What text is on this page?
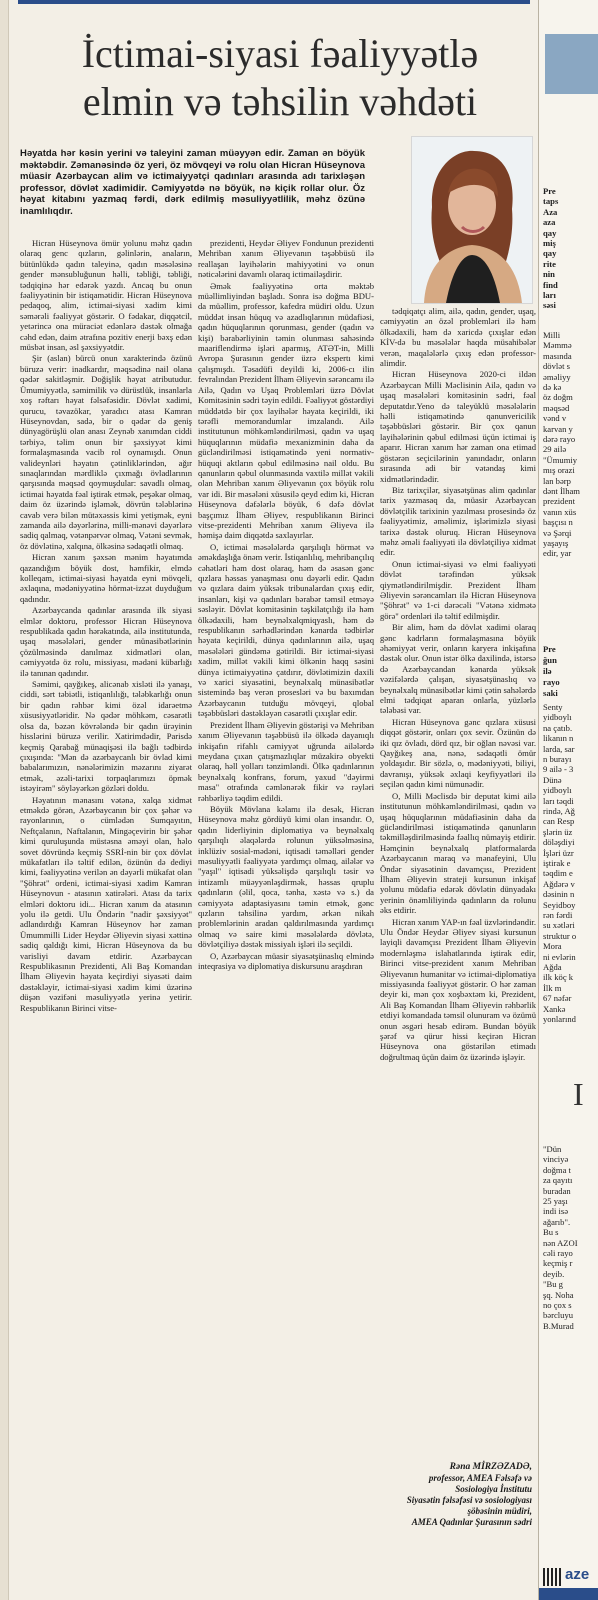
İctimai-siyasi fəaliyyətlə
elmin və təhsilin vəhdəti
Həyatda hər kəsin yerini və taleyini zaman müəyyən edir. Zaman ən böyük məktəbdir. Zəmanəsində öz yeri, öz mövqeyi və rolu olan Hicran Hüseynova müasir Azərbaycan alim və ictimaiyyətçi qadınları arasında adı tarixləşən professor, dövlət xadimidir. Cəmiyyətdə nə böyük, nə kiçik rollar olur. Öz həyat kitabını yazmaq fərdi, dərk edilmiş məsuliyyətlilik, məhz özünə inamlılıqdır.

Hicran Hüseynova ömür yolunu məhz qadın olaraq genc qızların, gəlinlərin, anaların, bütünlükdə qadın taleyinə, qadın məsələsinə gender mənsubluğunun həlli, təbliği, təbliği, tədqiqinə hər edərək yazdı. Ancaq bu onun fəaliyyətinin bir istiqamətidir. Hicran Hüseynova pedaqoq, alim, ictimai-siyasi xadim kimi səmərəli fəaliyyət göstərir. O fədakar, diqqətcil, yetərincə ona müraciət edənlərə dəstək olmağa cəhd edən, daim ətrafına pozitiv enerji bəxş edən müsbət insan, əsl şəxsiyyətdir.

Şir (aslan) bürcü onun xarakterində özünü büruzə verir: inadkardır, məqsədinə nail olana qədər sakitləşmir. Doğişlik həyat atributudur. Ümumiyyətlə, səmimilik və dürüstlük, insanlarla xoş rəftarı həyat fəlsəfəsidir. Dövlət xadimi, qurucu, təvazökar, yaradıcı atası Kamran Hüseynovdan, sadə, bir o qədər də geniş dünyagörüşlü olan anası Zeynəb xanımdan ciddi tərbiyə, təlim onun bir şəxsiyyət kimi formalaşmasında vacib rol oynamışdı. Onun valideynləri həyatın çətinliklərindən, ağır sınaqlarından mərdliklə çıxmağı övladlarının qarşısında məqsəd qoymuşdular: savadlı olmaq, ictimai həyatda fəal iştirak etmək, peşəkar olmaq, daim öz üzərində işləmək, dövrün tələblərinə cavab verə bilən mütəxəssis kimi yetişmək, eyni zamanda ailə dəyərlərinə, milli-mənəvi dəyərlərə sadiq qalmaq, vətənpərvər olmaq, Vətəni sevmək, öz dövlətinə, xalqına, ölkəsinə sədaqətli olmaq.

Hicran xanım şəxsən mənim həyatımda qazandığım böyük dost, həmfikir, elmdə kolleqam, ictimai-siyasi həyatda eyni mövqeli, əxlaqına, mədəniyyətinə hörmət-izzət duyduğum qadındır.

Azərbaycanda qadınlar arasında ilk siyasi elmlər doktoru, professor Hicran Hüseynova respublikada qadın hərəkatında, ailə institutunda, uşaq məsələləri, gender münasibətlərinin çözülməsində danılmaz xidmətləri olan, cəmiyyətdə öz rolu, missiyası, mədəni kübarlığı ilə tanınan qadındır.

Səmimi, qayğıkeş, alicənab xisləti ilə yanaşı, ciddi, sərt təbiətli, istiqanlılığı, tələbkarlığı onun bir qadın rəhbər kimi özəl idarəetmə xüsusiyyətləridir. Nə qədər möhkəm, cəsarətli olsa da, bəzən kövrələndə bir qadın ürəyinin hisslərini büruzə verilir. Xatirimdədir, Parisdə keçmiş Qarabağ münaqişəsi ilə bağlı tədbirdə çıxışında: "Mən də azərbaycanlı bir övlad kimi babalarımızın, nənələrimizin məzarını ziyarət etmək, əzəli-tarixi torpaqlarımızı öpmək istəyirəm" söyləyərkən gözləri doldu.

Həyatının mənasını vətənə, xalqa xidmət etməkdə görən, Azərbaycanın bir çox şəhər və rayonlarının, o cümlədən Sumqayıtın, Neftçalanın, Naftalanın, Mingəçevirin bir şəhər kimi quruluşunda müstəsna əməyi olan, həlo sovet dövründə keçmiş SSRİ-nin bir çox dövlət mükafatları ilə təltif edilən, özünün də dediyi kimi, fəaliyyətinə verilən ən dəyərli mükafat olan "Şöhrət" ordeni, ictimai-siyasi xadim Kamran Hüseynovun - atasının xatirələri. Atası da tarix elmləri doktoru idi... Hicran xanım da atasının yolu ilə getdi. Ulu Öndərin "nadir şəxsiyyət" adlandırdığı Kamran Hüseynov hər zaman Ümummilli Lider Heydər Əliyevin siyasi xəttinə sadiq qaldığı kimi, Hicran Hüseynova da bu varisliyi davam etdirir. Azərbaycan Respublikasının Prezidenti, Ali Baş Komandan İlham Əliyevin həyata keçirdiyi siyasəti daim dəstəkləyir, ictimai-siyasi xadim kimi üzərinə düşən vəzifəni məsuliyyətlə yerinə yetirir. Respublikanın Birinci vitse-

prezidenti, Heydər Əliyev Fondunun prezidenti Mehriban xanım Əliyevanın təşəbbüsü ilə reallaşan layihələrin mahiyyətini və onun nəticələrini davamlı olaraq ictimailəşdirir.

Əmək fəaliyyətinə orta məktəb müəllimliyindən başladı. Sonra isə doğma BDU-da müəllim, professor, kafedra müdiri oldu. Uzun müddət insan hüquq və azadlıqlarının müdafiəsi, qadın hüquqlarının qorunması, gender (qadın və kişi) bərabərliyinin təmin olunması sahəsində maariflendirmə işləri aparmış, ATƏT-in, Milli Avropa Şurasının gender üzrə ekspertı kimi çalışmışdı. Təsadüfi deyildi ki, 2006-cı ilin fevralından Prezident İlham Əliyevin sərəncamı ilə Ailə, Qadın və Uşaq Problemləri üzrə Dövlət Komitəsinin sədri təyin edildi. Fəaliyyət göstərdiyi müddətdə bir çox layihələr həyata keçirildi, iki tərəfli memorandumlar imzalandı. Ailə institutunun möhkəmləndirilməsi, qadın və uşaq hüquqlarının müdafiə mexanizminin daha da gücləndirilməsi istiqamətində yeni normativ-hüquqi aktların qəbul edilməsinə nail oldu. Bu qanunların qəbul olunmasında vaxtilə millət vəkili olan Mehriban xanım Əliyevanın çox böyük rolu var idi. Bir məsələni xüsusilə qeyd edim ki, Hicran Hüseynova dəfələrlə böyük, 6 dəfə dövlət başçımız İlham Əliyev, respublikanın Birinci vitse-prezidenti Mehriban xanım Əliyeva ilə həmişə daim diqqətdə saxlayırlar.

O, ictimai məsələlərdə qarşılıqlı hörmət və əməkdaşlığa önəm verir. İstiqanlılıq, mehribançılıq cəhətləri həm dost olaraq, həm də əsasən gənc qızlara həssas yanaşması onu dəyərli edir. Qadın və qızlara daim yüksək tribunalardan çıxış edir, insanları, kişi və qadınları bərabər təmsil etməyə səsləyir. Dövlət komitəsinin təşkilatçılığı ilə həm ölkədaxili, həm beynəlxalqmiqyaslı, həm də respublikanın sərhədlərindən kənarda tədbirlər həyata keçirildi, dünya qadınlarının ailə, uşaq məsələləri gündəmə gətirildi. Bir ictimai-siyasi xadim, millət vəkili kimi ölkənin haqq səsini dünya ictimaiyyətinə çatdırır, dövlətimizin daxili və xarici siyasətini, beynəlxalq münasibətlər sistemində baş verən prosesləri və bu baxımdan Azərbaycanın tutduğu mövqeyi, qlobal təşəbbüsləri dəstəkləyən cəsarətli çıxışlar edir.

Prezident İlham Əliyevin göstərişi və Mehriban xanım Əliyevanın təşəbbüsü ilə ölkədə dayanıqlı inkişafın rifahlı cəmiyyət uğrunda ailələrdə meydana çıxan çatışmazlıqlar müzakirə obyekti olaraq, həll yolları tənzimləndi. Ölkə qadınlarının beynəlxalq konfrans, forum, yaxud "dəyirmi masa" otrafında cəmlənərək fikir və rəyləri rəhbərliyə təqdim edildi.

Böyük Mövlana kəlamı ilə desək, Hicran Hüseynova məhz gördüyü kimi olan insandır. O, qadın liderliyinin diplomatiya və beynəlxalq qarşılıqlı əlaqələrdə rolunun yüksəlməsinə, inklüziv sosial-mədəni, iqtisadi təməlləri gender məsuliyyətli fəaliyyətə yardımçı olmaq, ailələr və "yaşıl" iqtisadi yüksəlişdə qarşılıqlı təsir və intizamlı müəyyənləşdirmək, həssas qruplu qadınların (əlil, qocа, tənha, xəstə və s.) da cəmiyyətə adaptasiyasını təmin etmək, gənc qızların təhsilinə yardım, ərkən nikah problemlərinin aradan qaldırılmasında yardımçı olmaq və saire kimi məsələlərdə dövlətə, dövlətçiliyə dəstək missiyalı işləri ilə seçildi.

O, Azərbaycan müasir siyasətşünaslıq elmində inteqrasiya və diplomatiya diskursunu araşdıran

tədqiqatçı alim, ailə, qadın, gender, uşaq, cəmiyyətin ən özəl problemləri ilə həm ölkədaxili, həm də xaricdə çıxışlar edən KİV-də bu məsələlər haqda müsahibələr verən, maqalələrlə çıxış edən professor-alimdir.

Hicran Hüseynova 2020-ci ildən Azərbaycan Milli Məclisinin Ailə, qadın və uşaq məsələləri komitəsinin sədri, fəal deputatdır.Yeno də taleyüklü məsələlərin həlli istiqamətində qanunvericilik təşəbbüsləri göstərir. Bir çox qanun layihələrinin qəbul edilməsi üçün ictimai iş aparır. Hicran xanım hər zaman ona etimad göstərən seçicilərinin yanındadır, onların sırasında adi bir vətəndaş kimi xidmətlərindədir.

Biz tarixçilər, siyasətşünas alim qadınlar tarix yazmasaq da, müasir Azərbaycan dövlətçilik tarixinin yazılması prosesində öz fəaliyyətimiz, əməlimiz, işlərimizlə siyasi tarixə dəstək oluruq. Hicran Hüseynova məhz əməli fəaliyyəti ilə dövlətçiliyə xidmət edir.

Onun ictimai-siyasi və elmi fəaliyyəti dövlət tərəfindən yüksək qiymətləndirilmişdir. Prezident İlham Əliyevin sərəncamları ilə Hicran Hüseynova "Şöhrət" və 1-ci dərəcəli "Vətənə xidmətə görə" ordenləri ilə təltif edilmişdir.

Bir alim, həm də dövlət xadimi olaraq gənc kadrların formalaşmasına böyük əhəmiyyət verir, onların karyera inkişafına dəstək olur. Onun istər ölkə daxilində, istərsə də Azərbaycandan kənarda yüksək vəzifələrdə çalışan, siyasətşünaslıq və beynəlxalq münasibətlər kimi çətin sahələrdə elmi tədqiqat aparan onlarla, yüzlərlə tələbəsi var.

Hicran Hüseynova gənc qızlara xüsusi diqqət göstərir, onları çox sevir. Özünün də iki qız övladı, dörd qız, bir oğlan nəvəsi var. Qayğıkeş ana, nənə, sədaqətli ömür yoldaşıdır. Bir sözlə, o, mədəniyyəti, biliyi, davranışı, yüksək əxlaqi keyfiyyətləri ilə seçilən qadın kimi nümunədir.

O, Milli Məclisdə bir deputat kimi ailə institutunun möhkəmləndirilməsi, qadın və uşaq hüquqlarının müdafiəsinin daha da gücləndirilməsi istiqamətində qanunların təkmilləşdirilməsində fəallıq nümayiş etdirir. Həmçinin beynəlxalq platformalarda Azərbaycanın maraq və mənafeyini, Ulu Öndər siyasətinin davamçısı, Prezident İlham Əliyevin strateji kursunun inkişaf yolunu müdafiə edərək dövlətin dünyadakı yerinin önəmliliyində qadınların da rolunu əks etdirir.

Hicran xanım YAP-ın fəal üzvlərindəndir. Ulu Öndər Heydər Əliyev siyasi kursunun layiqli davamçısı Prezident İlham Əliyevin modernləşmə islahatlarında iştirak edir, Birinci vitse-prezident xanım Mehriban Əliyevanın humanitar və ictimai-diplomatiya missiyasında fəaliyyət göstərir. O hər zaman deyir ki, mən çox xoşbəxtəm ki, Prezident, Ali Baş Komandan İlham Əliyevin rəhbərlik etdiyi komandada təmsil olunuram və özümü onun əsgəri hesab edirəm. Bundan böyük şərəf və qürur hissi keçirən Hicran Hüseynova ona göstərilən etimadı doğrultmaq üçün daim öz üzərində işləyir.

Rəna MİRZƏZADƏ,
professor, AMEA Fəlsəfə və
Sosiologiya İnstitutu
Siyasətin fəlsəfəsi və sosiologiyası
şöbəsinin müdiri,
AMEA Qadınlar Şurasının sədri
Pre
taps
Aza
aza
qay
miş
qay
rite
nin
find
ları
səsi
Milli
Məmmə
masında
dövlət s
əməliyy
də kə
öz doğm
məqsəd
vənd v
karvan y
dərə rayo
29 ailə
"Ümumiy
mış orazi
lan bərp
dənt İlham
prezident
vanın xüs
başçısı n
və Şərqi
yaşayış
edir, yar
Pre
ğun
ilə
rayo
saki
Senty
yidboylı
na çatıb.
likanın n
larda, sar
n burayı
9 ailə - 3
Dünə
yidboylı
ları təqdi
rində, Ağ
can Resp
şlərin üz
döləşdiyi
İşləri üzr
iştirak e
təqdim e
Ağdərə v
dəsinin n
Seyidboy
rən fərdi
su xətləri
struktur o
Mora
ni evlərin
Ağda
ilk köç k
İlk m
67 nəfər
Xankə
yonlarınd
"Dün
vinciyə
doğma t
za qayıtı
buradan
25 yaşı
indi isə
ağarıb".
Bu s
nən AZOI
cəli rayo
keçmiş r
deyib.
"Bu g
şq. Noha
no çox s
bərcluyu
B.Murad
I
aze
